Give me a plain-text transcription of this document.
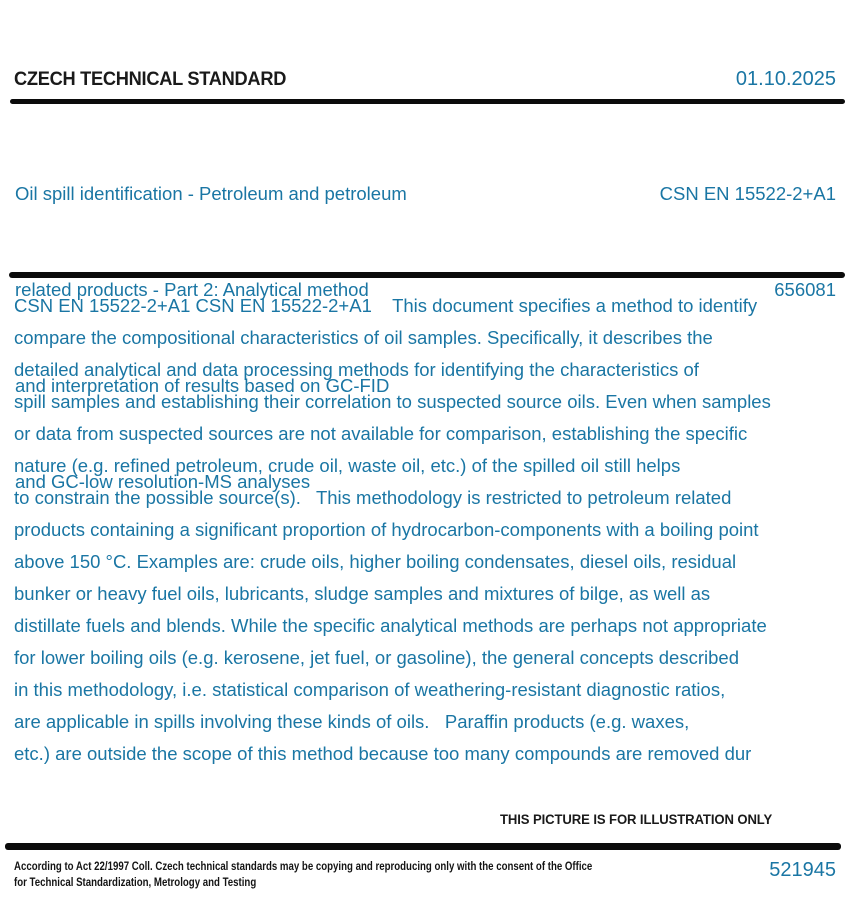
CZECH TECHNICAL STANDARD	01.10.2025

Oil spill identification - Petroleum and petroleum

related products - Part 2: Analytical method

and interpretation of results based on GC-FID

and GC-low resolution-MS analyses

CSN EN 15522-2+A1

656081

CSN EN 15522-2+A1 CSN EN 15522-2+A1    This document specifies a method to identify
compare the compositional characteristics of oil samples. Specifically, it describes the
detailed analytical and data processing methods for identifying the characteristics of
spill samples and establishing their correlation to suspected source oils. Even when samples
or data from suspected sources are not available for comparison, establishing the specific
nature (e.g. refined petroleum, crude oil, waste oil, etc.) of the spilled oil still helps
to constrain the possible source(s).   This methodology is restricted to petroleum related
products containing a significant proportion of hydrocarbon-components with a boiling point
above 150 °C. Examples are: crude oils, higher boiling condensates, diesel oils, residual
bunker or heavy fuel oils, lubricants, sludge samples and mixtures of bilge, as well as
distillate fuels and blends. While the specific analytical methods are perhaps not appropriate
for lower boiling oils (e.g. kerosene, jet fuel, or gasoline), the general concepts described
in this methodology, i.e. statistical comparison of weathering-resistant diagnostic ratios,
are applicable in spills involving these kinds of oils.   Paraffin products (e.g. waxes,
etc.) are outside the scope of this method because too many compounds are removed dur
THIS PICTURE IS FOR ILLUSTRATION ONLY
According to Act 22/1997 Coll. Czech technical standards may be copying and reproducing only with the consent of the Office
for Technical Standardization, Metrology and Testing
521945
